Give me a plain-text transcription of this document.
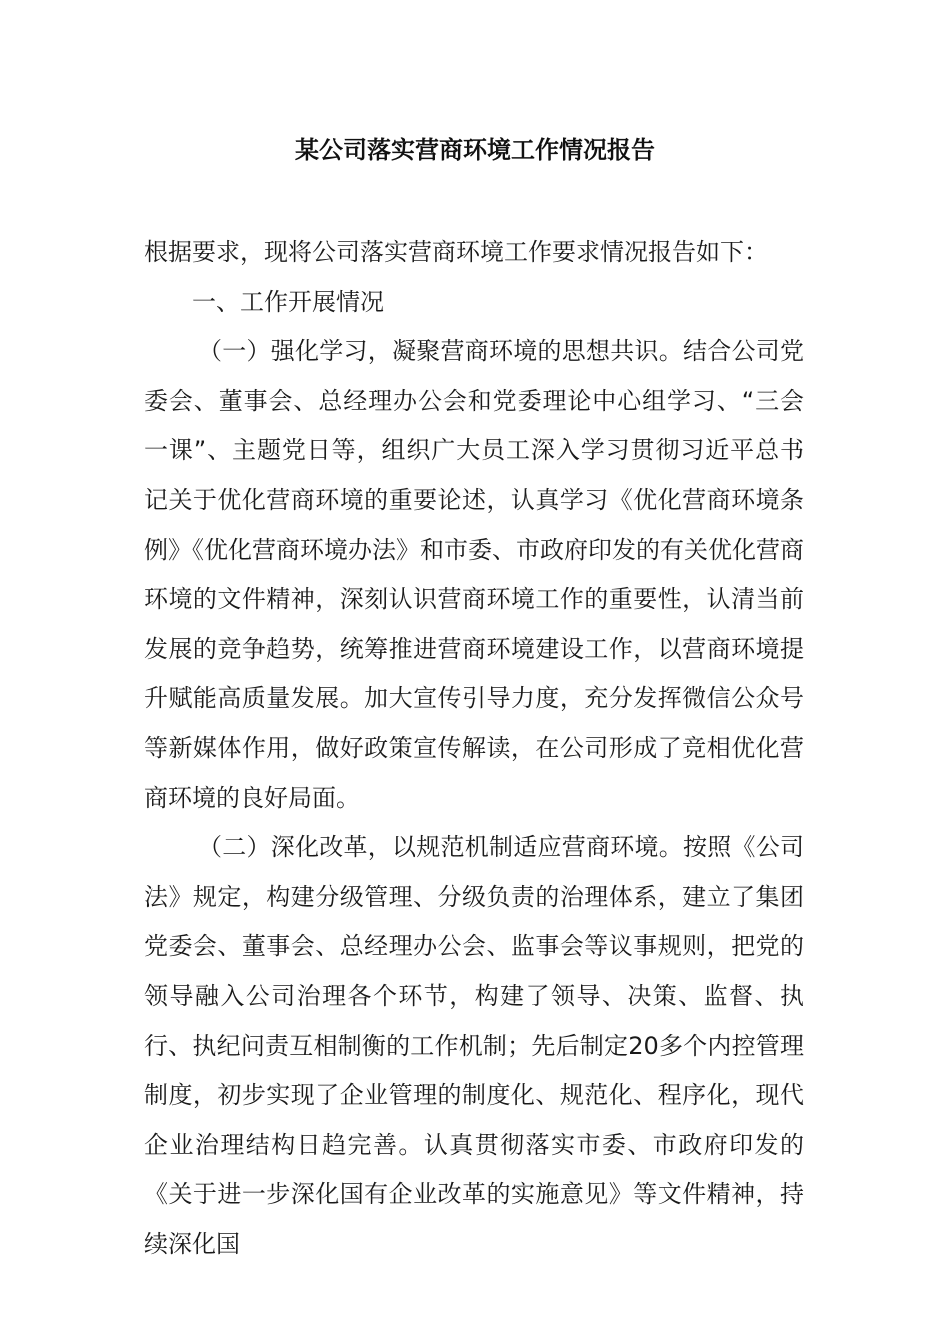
某公司落实营商环境工作情况报告

根据要求，现将公司落实营商环境工作要求情况报告如下：

一、工作开展情况

（一）强化学习，凝聚营商环境的思想共识。结合公司党委会、董事会、总经理办公会和党委理论中心组学习、“三会一课”、主题党日等，组织广大员工深入学习贯彻习近平总书记关于优化营商环境的重要论述，认真学习《优化营商环境条例》《优化营商环境办法》和市委、市政府印发的有关优化营商环境的文件精神，深刻认识营商环境工作的重要性，认清当前发展的竞争趋势，统筹推进营商环境建设工作，以营商环境提升赋能高质量发展。加大宣传引导力度，充分发挥微信公众号等新媒体作用，做好政策宣传解读，在公司形成了竞相优化营商环境的良好局面。

（二）深化改革，以规范机制适应营商环境。按照《公司法》规定，构建分级管理、分级负责的治理体系，建立了集团党委会、董事会、总经理办公会、监事会等议事规则，把党的领导融入公司治理各个环节，构建了领导、决策、监督、执行、执纪问责互相制衡的工作机制；先后制定20多个内控管理制度，初步实现了企业管理的制度化、规范化、程序化，现代企业治理结构日趋完善。认真贯彻落实市委、市政府印发的《关于进一步深化国有企业改革的实施意见》等文件精神，持续深化国
